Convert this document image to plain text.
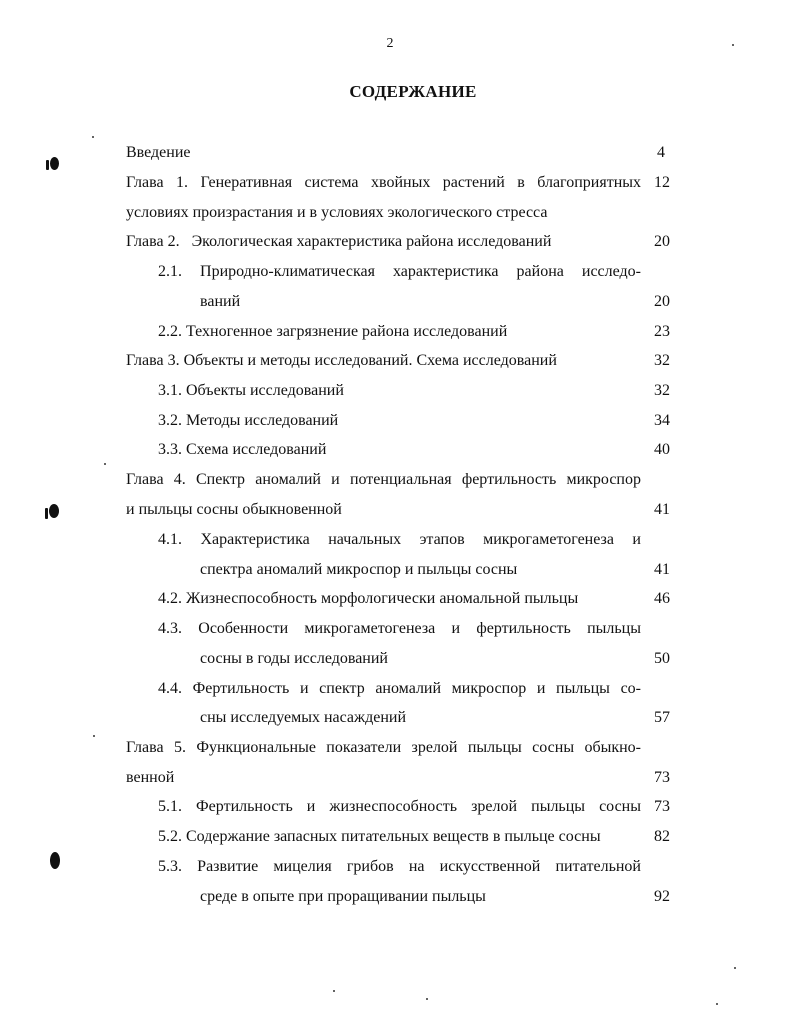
2
СОДЕРЖАНИЕ
Введение	4
Глава 1. Генеративная система хвойных растений в благоприятных 12
условиях произрастания и в условиях экологического стресса
Глава 2.   Экологическая характеристика района исследований	20
2.1. Природно-климатическая характеристика района исследо-
ваний	20
2.2. Техногенное загрязнение района исследований	23
Глава 3. Объекты и методы исследований. Схема исследований	32
3.1. Объекты исследований	32
3.2. Методы исследований	34
3.3. Схема исследований	40
Глава 4. Спектр аномалий и потенциальная фертильность микроспор
и пыльцы сосны обыкновенной	41
4.1. Характеристика начальных этапов микрогаметогенеза и
спектра аномалий микроспор и пыльцы сосны	41
4.2. Жизнеспособность морфологически аномальной пыльцы	46
4.3. Особенности микрогаметогенеза и фертильность пыльцы
сосны в годы исследований	50
4.4. Фертильность и спектр аномалий микроспор и пыльцы со-
сны исследуемых насаждений	57
Глава 5. Функциональные показатели зрелой пыльцы сосны обыкно-
венной	73
5.1. Фертильность и жизнеспособность зрелой пыльцы сосны 73
5.2. Содержание запасных питательных веществ в пыльце сосны	82
5.3. Развитие мицелия грибов на искусственной питательной
среде в опыте при проращивании пыльцы	92
